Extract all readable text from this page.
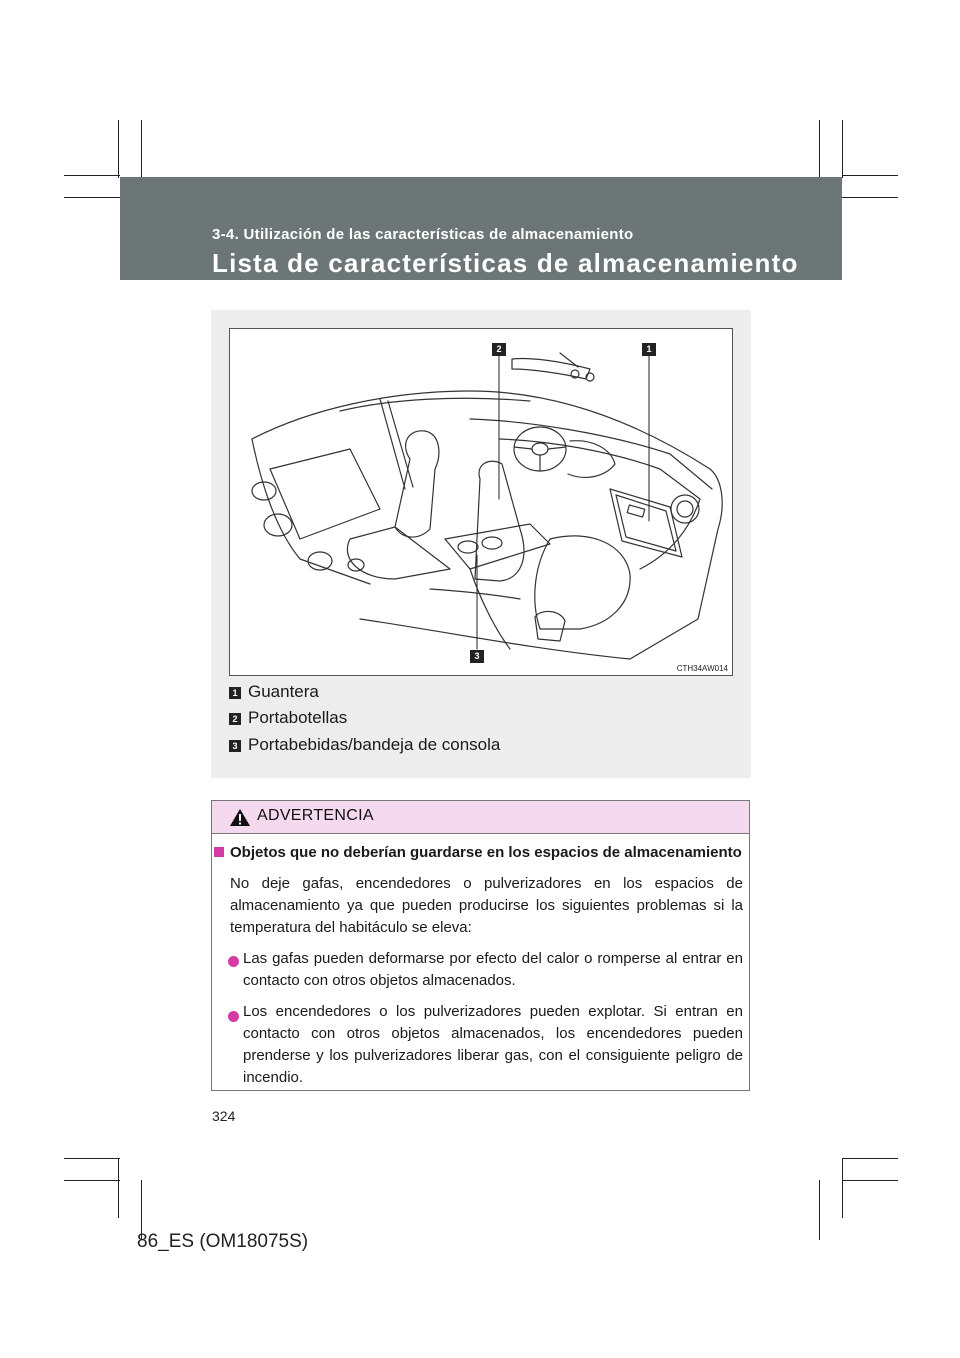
3-4. Utilización de las características de almacenamiento
Lista de características de almacenamiento
1
2
3
CTH34AW014
1 Guantera
2 Portabotellas
3 Portabebidas/bandeja de consola
ADVERTENCIA

Objetos que no deberían guardarse en los espacios de almacenamiento

No deje gafas, encendedores o pulverizadores en los espacios de almacenamiento ya que pueden producirse los siguientes problemas si la temperatura del habitáculo se eleva:

Las gafas pueden deformarse por efecto del calor o romperse al entrar en contacto con otros objetos almacenados.

Los encendedores o los pulverizadores pueden explotar. Si entran en contacto con otros objetos almacenados, los encendedores pueden prenderse y los pulverizadores liberar gas, con el consiguiente peligro de incendio.

324
86_ES (OM18075S)
